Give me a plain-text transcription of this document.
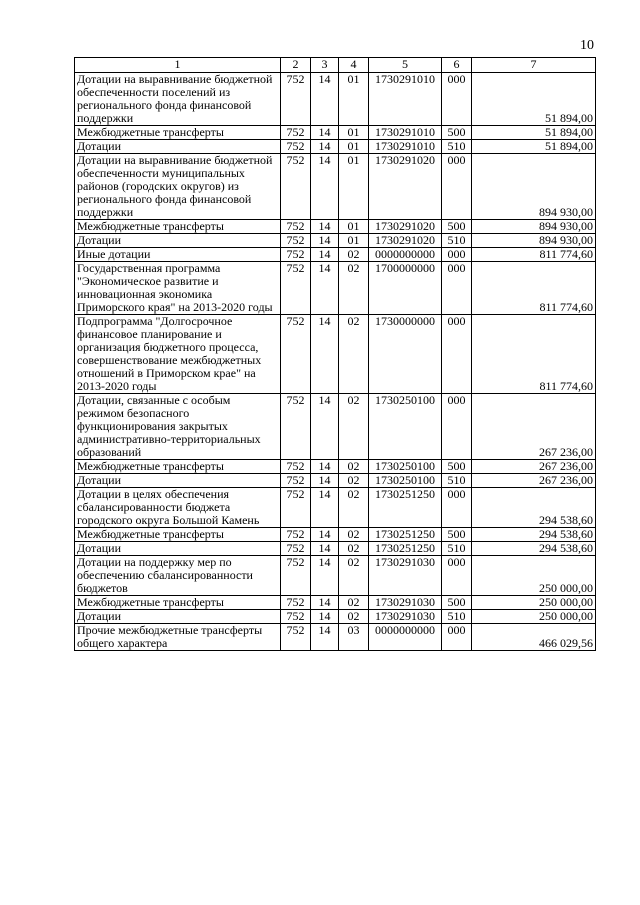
10
1	2	3	4	5	6	7
Дотации на выравнивание бюджетной обеспеченности поселений из регионального фонда финансовой поддержки	752	14	01	1730291010	000	51 894,00
Межбюджетные трансферты	752	14	01	1730291010	500	51 894,00
Дотации	752	14	01	1730291010	510	51 894,00
Дотации на выравнивание бюджетной обеспеченности муниципальных районов (городских округов) из регионального фонда финансовой поддержки	752	14	01	1730291020	000	894 930,00
Межбюджетные трансферты	752	14	01	1730291020	500	894 930,00
Дотации	752	14	01	1730291020	510	894 930,00
Иные дотации	752	14	02	0000000000	000	811 774,60
Государственная программа "Экономическое развитие и инновационная экономика Приморского края" на 2013-2020 годы	752	14	02	1700000000	000	811 774,60
Подпрограмма "Долгосрочное финансовое планирование и организация бюджетного процесса, совершенствование межбюджетных отношений в Приморском крае" на 2013-2020 годы	752	14	02	1730000000	000	811 774,60
Дотации, связанные с особым режимом безопасного функционирования закрытых административно-территориальных образований	752	14	02	1730250100	000	267 236,00
Межбюджетные трансферты	752	14	02	1730250100	500	267 236,00
Дотации	752	14	02	1730250100	510	267 236,00
Дотации в целях обеспечения сбалансированности бюджета городского округа Большой Камень	752	14	02	1730251250	000	294 538,60
Межбюджетные трансферты	752	14	02	1730251250	500	294 538,60
Дотации	752	14	02	1730251250	510	294 538,60
Дотации на поддержку мер по обеспечению сбалансированности бюджетов	752	14	02	1730291030	000	250 000,00
Межбюджетные трансферты	752	14	02	1730291030	500	250 000,00
Дотации	752	14	02	1730291030	510	250 000,00
Прочие межбюджетные трансферты общего характера	752	14	03	0000000000	000	466 029,56
